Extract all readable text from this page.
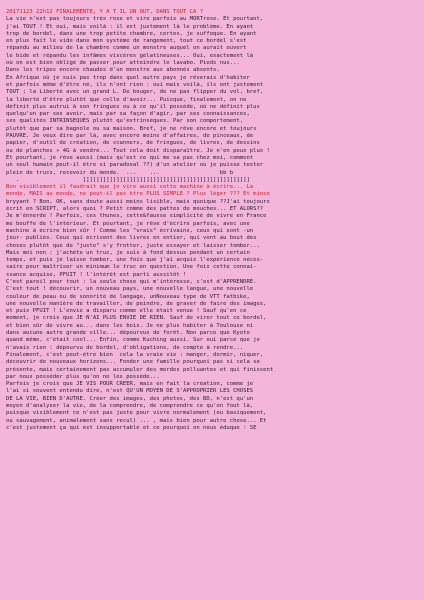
20171123 22h12 FINALEMENTE, Y A T IL UN OUT, DANS TOUT CA ?
La vie n'est pas toujours très rose et vire parfois au MORTrose. Et pourtant,
j'ai TOUT ! Et oui, mais voilà : il est justement là le problème. En ayant
trop de bordel, dans une trop petite chambre, certes, je suffoque. En ayant
en plus fait le vide dans mon système de rangement, tout ce bordel s'est
répandu au milieu de la chambre comme un monstre auquel on aurait ouvert
le bide et répandu les infâmes viscères gélatineuses... Oui, exactement là
où on est bien obligé de passer pour atteindre le lavabo. Pieds nus...
Dans les tripes encore chaudes d'un monstre aux abonnés absents.
En Afrique où je suis pas trop dans quel autre pays je rêverais d'habiter
et parfois même d'être né, ils n'ont rien : oui mais voilà, ils ont justement
TOUT ; la Liberté avec un grand L. De bouger, de ne pas flipper du vol, bref,
la liberté d'être plutôt que celle d'avoir... Puisque, finalement, on ne
définit plus autrui à son fringues ou à ce qu'il possède, où ne définit plus
quelqu'un par ses avoir, mais par sa façon d'agir, par ses connaissances,
ses qualités INTRINSÈQUES plutôt qu'extrinsèques. Par son comportement,
plutôt que par sa bagnole ou sa maison. Bref, je ne rêve encore et toujours
PAUVRE. Je veux dire par là, avec encore moins d'affaires, de pinceaux, de
papier, d'outil de création, de scanners, de fringues, de livres, de dessins
ou de planches » 4G à vendre... Tout cela doit disparaître. Je n'en peux plus !
Et pourtant, je rêve aussi (mais qu'est ce qui me va pas chez moi, comment
un seul humain peut-il être si paradoxal ??) d'un atelier où je puisse tester
plein de trucs, recevoir du monde.  ...    ...                  bb b
.                   ]]]]]]]]]]]]]]]]]]]]]]]]]]]]]]]]]]]]]]]]]]]]]]]]]]
Bon visiblement il faudrait que je vire aussi cette machine à écrire... La
monde, MAIS au monde, ne peut-il pas être PLUS SIMPLE ? Plus léger ??? Et mince
bryyant ? Bon, OK, sans doute aussi moins lisible, mais quoique ??J'ai toujours
écrit en SCRIPT, alors quoi ? Petit comme des pattes de mouches... ET ALORS??
Je m'énnerde ! Parfois, ces thunes, cette&fausse simplicité de vivre en France
me bouffe de l'intérieur. Et pourtant, je rêve d'écrire parfois, avec une
machine à écrire bien sûr ! Comme les "vrais" écrivains, ceux qui sont -un
jour- publiés. Ceux qui écrivent des livres en entier, qui vont au bout des
choses plutôt que de "juste" s'y frotter, juste essayer et laisser tomber...
Mais moi non : j'achète un truc, je suis à fond dessus pendant un certain
temps, et puis je laisse tomber, une fois que j'ai acquis l'expérience néces-
saire pour maîtriser un minimum le truc en question. Une fois cette connai-
ssance acquise, PFUIT ! l'intérêt est parti aussitôt !
C'est pareil pour tout : la seule chose qui m'intéresse, c'est d'APPRENDRE.
C'est tout ! découvrir, un nouveau pays, une nouvelle langue, une nouvelle
couleur de peau ou de sonorité de langage, unNouveau type de VTT fatbike,
une nouvelle manière de travailler, de peindre, de graver de faire des images,
et puis PFUIT ! L'envie a disparu comme elle était venue ! Sauf qu'en ce
moment, je crois que JE N'AI PLUS ENVIE DE RIEN. Sauf de virer tout ce bordel,
et bien sûr de vivre au... dans les bois. Je ne plus habiter à Toulouse ni
dans aucune autre grande ville... dépourvus de forêt. Non parce que Kyoto
quand même, c'était cool... Enfin, comme Kuching aussi. Sur oui parce que je
n'avais rien : dépourvu de bordel, d'obligations, de compte à rendre...
Finalement, c'est peut-être bien  cela la vraie vie : manger, dormir, niquer,
découvrir de nouveaux horizons... Fonder une famille pourquoi pas si cela se
présente, mais certainement pas accumuler des merdes polluantes et qui finissent
par nous posséder plus qu'on ne les possède...
Parfois je crois que JE VIS POUR CRÉER, mais en fait la création, comme je
l'ai si souvent entendu dire, n'est QU'UN MOYEN DE S'APPROPRIER LES CHOSES
DE LA VIE, BIEN D'AUTRE. Créer des images, des photos, des BD, n'est qu'un
moyen d'analyser la vie, de la comprendre, de comprendre ce qu'on fout là,
puisque visiblement ce n'est pas juste pour vivre normalement (ou basiquement,
ou sauvagement, animalement sans recul) ... , mais bien pour autre chose... Et
c'est justement ça qui est insupportable et ce pourquoi on nous éduque : SE
